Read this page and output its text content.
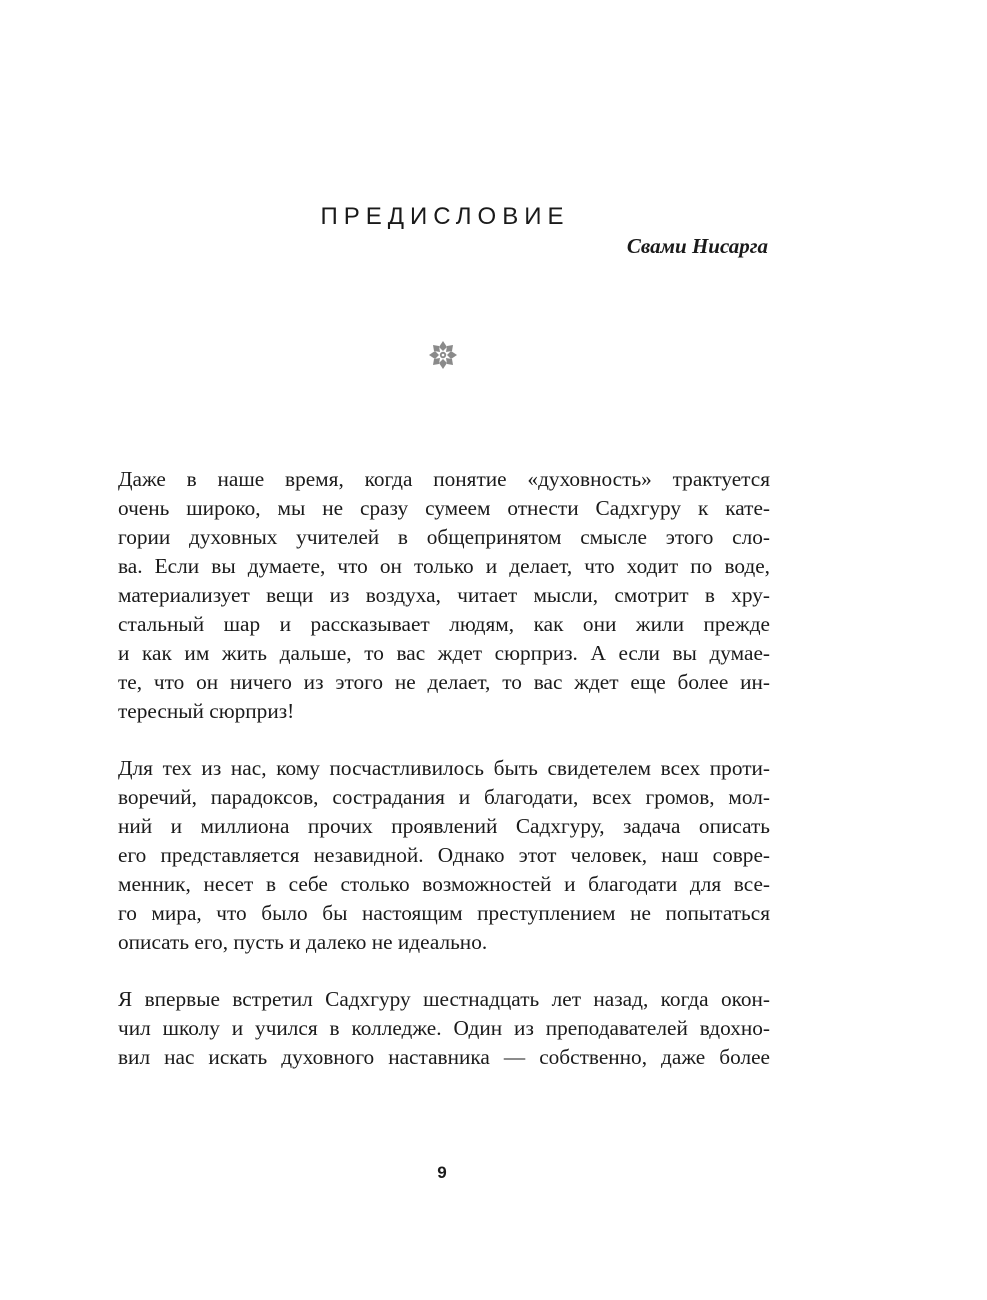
ПРЕДИСЛОВИЕ

Свами Нисарга

Даже в наше время, когда понятие «духовность» трактуется
очень широко, мы не сразу сумеем отнести Садхгуру к кате-
гории духовных учителей в общепринятом смысле этого сло-
ва. Если вы думаете, что он только и делает, что ходит по воде,
материализует вещи из воздуха, читает мысли, смотрит в хру-
стальный шар и рассказывает людям, как они жили прежде
и как им жить дальше, то вас ждет сюрприз. А если вы думае-
те, что он ничего из этого не делает, то вас ждет еще более ин-
тересный сюрприз!

Для тех из нас, кому посчастливилось быть свидетелем всех проти-
воречий, парадоксов, сострадания и благодати, всех громов, мол-
ний и миллиона прочих проявлений Садхгуру, задача описать
его представляется незавидной. Однако этот человек, наш совре-
менник, несет в себе столько возможностей и благодати для все-
го мира, что было бы настоящим преступлением не попытаться
описать его, пусть и далеко не идеально.

Я впервые встретил Садхгуру шестнадцать лет назад, когда окон-
чил школу и учился в колледже. Один из преподавателей вдохно-
вил нас искать духовного наставника — собственно, даже более

9
